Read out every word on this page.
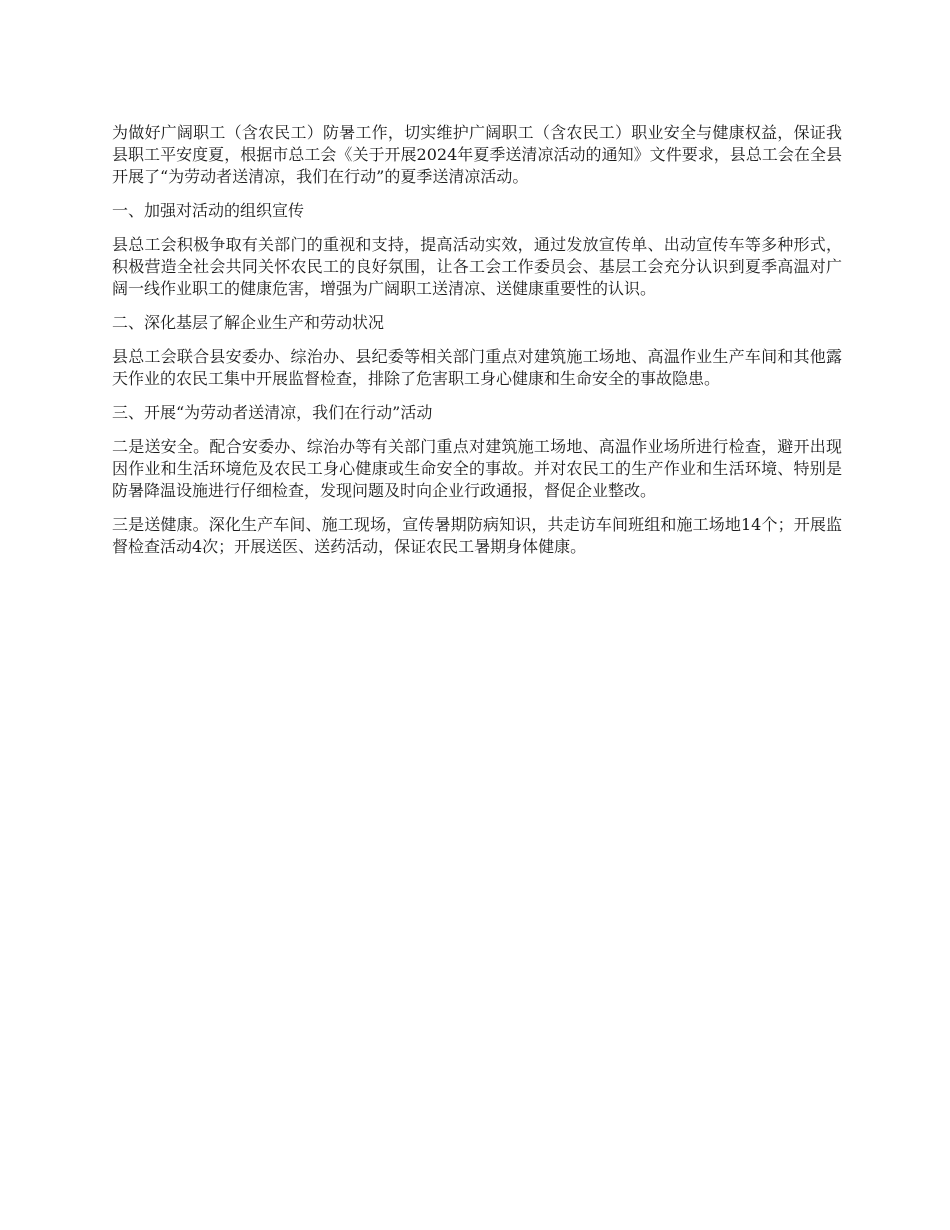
为做好广阔职工（含农民工）防暑工作，切实维护广阔职工（含农民工）职业安全与健康权益，保证我县职工平安度夏，根据市总工会《关于开展2024年夏季送清凉活动的通知》文件要求，县总工会在全县开展了“为劳动者送清凉，我们在行动”的夏季送清凉活动。

一、加强对活动的组织宣传

县总工会积极争取有关部门的重视和支持，提高活动实效，通过发放宣传单、出动宣传车等多种形式，积极营造全社会共同关怀农民工的良好氛围，让各工会工作委员会、基层工会充分认识到夏季高温对广阔一线作业职工的健康危害，增强为广阔职工送清凉、送健康重要性的认识。

二、深化基层了解企业生产和劳动状况

县总工会联合县安委办、综治办、县纪委等相关部门重点对建筑施工场地、高温作业生产车间和其他露天作业的农民工集中开展监督检查，排除了危害职工身心健康和生命安全的事故隐患。

三、开展“为劳动者送清凉，我们在行动”活动

二是送安全。配合安委办、综治办等有关部门重点对建筑施工场地、高温作业场所进行检查，避开出现因作业和生活环境危及农民工身心健康或生命安全的事故。并对农民工的生产作业和生活环境、特别是防暑降温设施进行仔细检查，发现问题及时向企业行政通报，督促企业整改。

三是送健康。深化生产车间、施工现场，宣传暑期防病知识，共走访车间班组和施工场地14个；开展监督检查活动4次；开展送医、送药活动，保证农民工暑期身体健康。
